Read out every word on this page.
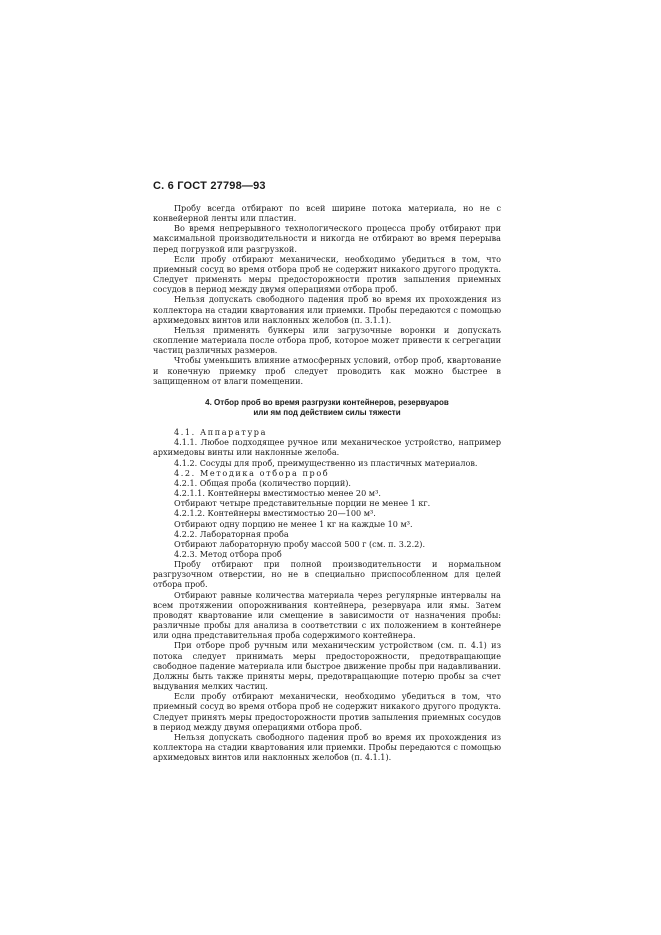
С. 6 ГОСТ 27798—93

Пробу всегда отбирают по всей ширине потока материала, но не с конвейерной ленты или пластин.

Во время непрерывного технологического процесса пробу отбирают при максимальной производительности и никогда не отбирают во время перерыва перед погрузкой или разгрузкой.

Если пробу отбирают механически, необходимо убедиться в том, что приемный сосуд во время отбора проб не содержит никакого другого продукта. Следует применять меры предосторожности против запыления приемных сосудов в период между двумя операциями отбора проб.

Нельзя допускать свободного падения проб во время их прохождения из коллектора на стадии квартования или приемки. Пробы передаются с помощью архимедовых винтов или наклонных желобов (п. 3.1.1).

Нельзя применять бункеры или загрузочные воронки и допускать скопление материала после отбора проб, которое может привести к сегрегации частиц различных размеров.

Чтобы уменьшить влияние атмосферных условий, отбор проб, квартование и конечную приемку проб следует проводить как можно быстрее в защищенном от влаги помещении.

4. Отбор проб во время разгрузки контейнеров, резервуаров
или ям под действием силы тяжести

4.1. Аппаратура

4.1.1. Любое подходящее ручное или механическое устройство, например архимедовы винты или наклонные желоба.

4.1.2. Сосуды для проб, преимущественно из пластичных материалов.

4.2. Методика отбора проб

4.2.1. Общая проба (количество порций).

4.2.1.1. Контейнеры вместимостью менее 20 м³.

Отбирают четыре представительные порции не менее 1 кг.

4.2.1.2. Контейнеры вместимостью 20—100 м³.

Отбирают одну порцию не менее 1 кг на каждые 10 м³.

4.2.2. Лабораторная проба

Отбирают лабораторную пробу массой 500 г (см. п. 3.2.2).

4.2.3. Метод отбора проб

Пробу отбирают при полной производительности и нормальном разгрузочном отверстии, но не в специально приспособленном для целей отбора проб.

Отбирают равные количества материала через регулярные интервалы на всем протяжении опорожнивания контейнера, резервуара или ямы. Затем проводят квартование или смещение в зависимости от назначения пробы: различные пробы для анализа в соответствии с их положением в контейнере или одна представительная проба содержимого контейнера.

При отборе проб ручным или механическим устройством (см. п. 4.1) из потока следует принимать меры предосторожности, предотвращающие свободное падение материала или быстрое движение пробы при надавливании. Должны быть также приняты меры, предотвращающие потерю пробы за счет выдувания мелких частиц.

Если пробу отбирают механически, необходимо убедиться в том, что приемный сосуд во время отбора проб не содержит никакого другого продукта. Следует принять меры предосторожности против запыления приемных сосудов в период между двумя операциями отбора проб.

Нельзя допускать свободного падения проб во время их прохождения из коллектора на стадии квартования или приемки. Пробы передаются с помощью архимедовых винтов или наклонных желобов (п. 4.1.1).
